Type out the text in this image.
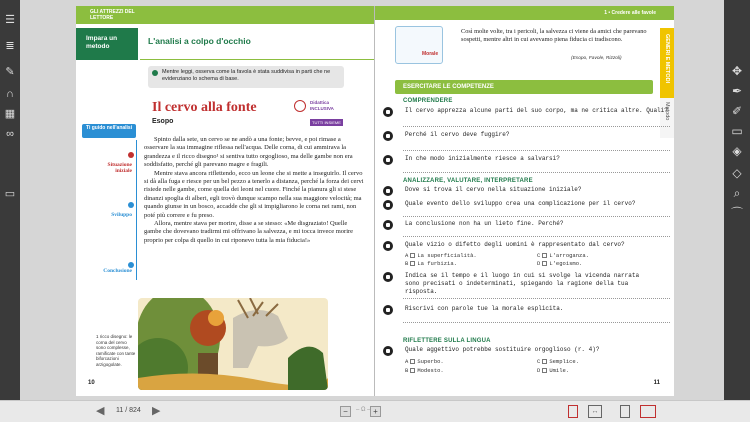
☰
≣
✎
∩
▦
∞
▭
✥
✒
✐
▭
◈
◇
⌕
⌒
GLI ATTREZZI DEL LETTORE
Impara un metodo
L'analisi a colpo d'occhio
Mentre leggi, osserva come la favola è stata suddivisa in parti che ne evidenziano lo schema di base.
Il cervo alla fonte
Esopo
Didattica INCLUSIVA
TUTTI INSIEME
Ti guido nell'analisi
Situazione iniziale
Sviluppo
Conclusione

Spinto dalla sete, un cervo se ne andò a una fonte; bevve, e poi rimase a osservare la sua immagine riflessa nell'acqua. Delle corna, di cui ammirava la grandezza e il ricco disegno¹ si sentiva tutto orgoglioso, ma delle gambe non era soddisfatto, perché gli parevano magre e fragili.

Mentre stava ancora riflettendo, ecco un leone che si mette a inseguirlo. Il cervo si dà alla fuga e riesce per un bel pezzo a tenerlo a distanza, perché la forza dei cervi risiede nelle gambe, come quella dei leoni nel cuore. Finché la pianura gli si stese dinanzi spoglia di alberi, egli trovò dunque scampo nella sua maggiore velocità; ma quando giunse in un bosco, accadde che gli si impigliarono le corna nei rami, non poté più correre e fu preso.

Allora, mentre stava per morire, disse a se stesso: «Me disgraziato! Quelle gambe che dovevano tradirmi mi offrivano la salvezza, e mi tocca invece morire proprio per colpa di quello in cui riponevo tutta la mia fiducia!»

1 ricco disegno: le corna del cervo sono complesse, ramificate con tante biforcazioni arzigogolate.
10
1 • Credere alle favole
GENERI E METODI
Metodo
Morale
Così molte volte, tra i pericoli, la salvezza ci viene da amici che parevano sospetti, mentre altri in cui avevamo piena fiducia ci tradiscono.
(Esopo, Favole, Rizzoli)
ESERCITARE LE COMPETENZE
COMPRENDERE
Il cervo apprezza alcune parti del suo corpo, ma ne critica altre. Quali?
Perché il cervo deve fuggire?
In che modo inizialmente riesce a salvarsi?
ANALIZZARE, VALUTARE, INTERPRETARE
Dove si trova il cervo nella situazione iniziale?
Quale evento dello sviluppo crea una complicazione per il cervo?
La conclusione non ha un lieto fine. Perché?
Quale vizio o difetto degli uomini è rappresentato dal cervo?
A La superficialità.
B La furbizia.
C L'arroganza.
D L'egoismo.
Indica se il tempo e il luogo in cui si svolge la vicenda narrata sono precisati o indeterminati, spiegando la ragione della tua risposta.
Riscrivi con parole tue la morale esplicita.
RIFLETTERE SULLA LINGUA
Quale aggettivo potrebbe sostituire orgoglioso (r. 4)?
A Superbo.
B Modesto.
C Semplice.
D Umile.
11
◀ 11 / 824 ▶	−	– Ω – +	↔
